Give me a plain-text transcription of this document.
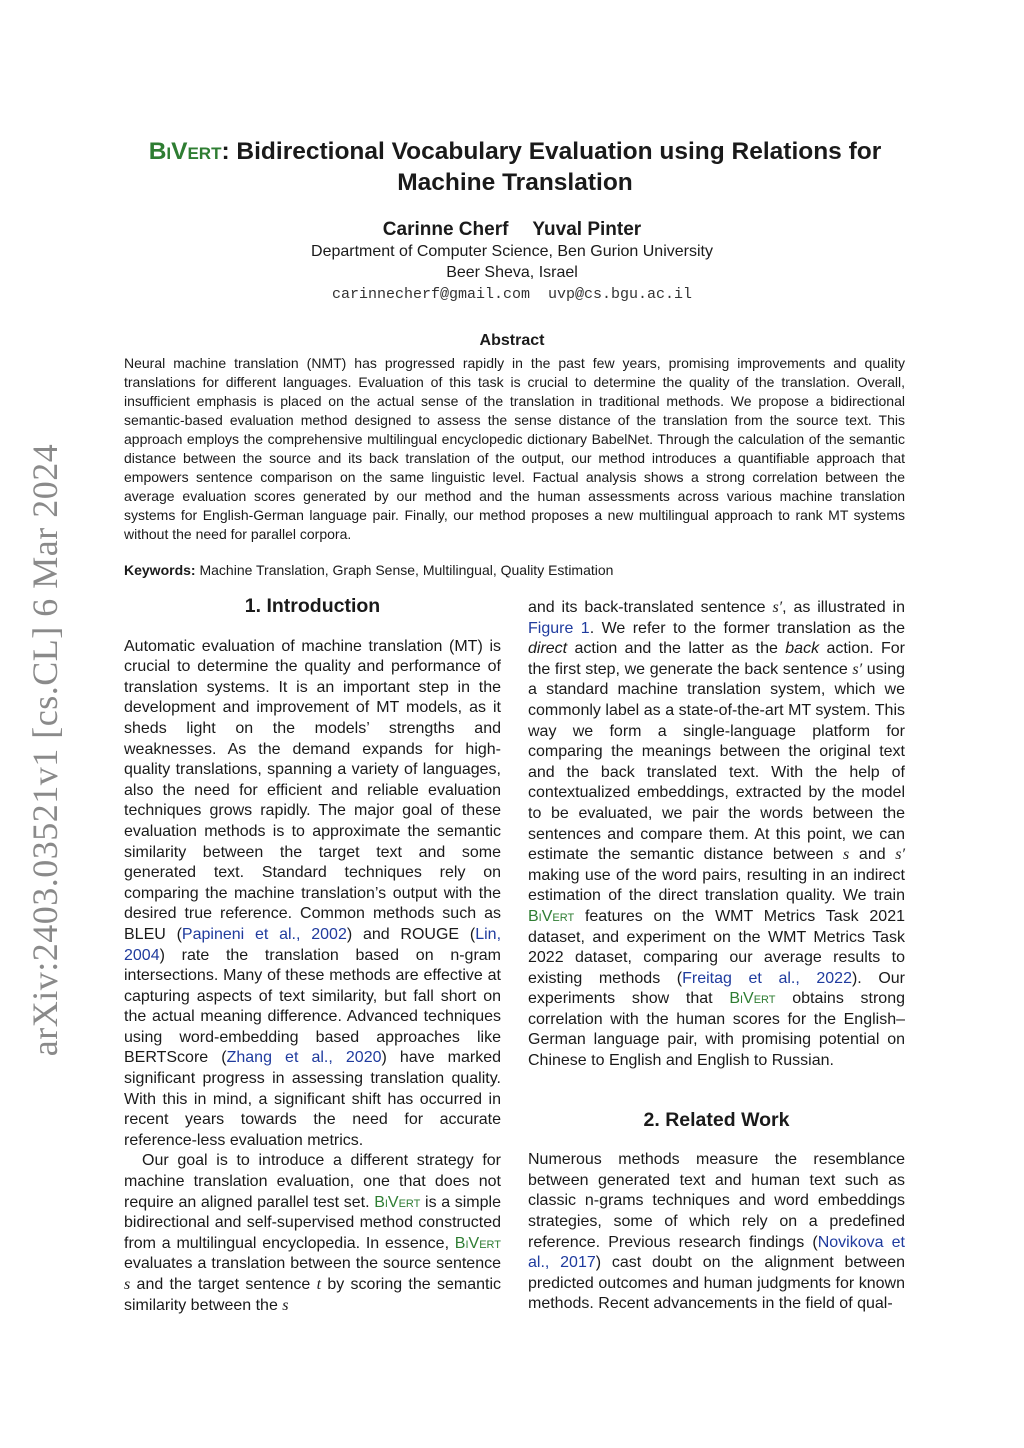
arXiv:2403.03521v1 [cs.CL] 6 Mar 2024
BiVert: Bidirectional Vocabulary Evaluation using Relations for Machine Translation
Carinne Cherf Yuval Pinter
Department of Computer Science, Ben Gurion University
Beer Sheva, Israel
carinnecherf@gmail.com uvp@cs.bgu.ac.il
Abstract

Neural machine translation (NMT) has progressed rapidly in the past few years, promising improvements and quality translations for different languages. Evaluation of this task is crucial to determine the quality of the translation. Overall, insufficient emphasis is placed on the actual sense of the translation in traditional methods. We propose a bidirectional semantic-based evaluation method designed to assess the sense distance of the translation from the source text. This approach employs the comprehensive multilingual encyclopedic dictionary BabelNet. Through the calculation of the semantic distance between the source and its back translation of the output, our method introduces a quantifiable approach that empowers sentence comparison on the same linguistic level. Factual analysis shows a strong correlation between the average evaluation scores generated by our method and the human assessments across various machine translation systems for English-German language pair. Finally, our method proposes a new multilingual approach to rank MT systems without the need for parallel corpora.

Keywords: Machine Translation, Graph Sense, Multilingual, Quality Estimation
1. Introduction

Automatic evaluation of machine translation (MT) is crucial to determine the quality and performance of translation systems. It is an important step in the development and improvement of MT models, as it sheds light on the models’ strengths and weaknesses. As the demand expands for high-quality translations, spanning a variety of languages, also the need for efficient and reliable evaluation techniques grows rapidly. The major goal of these evaluation methods is to approximate the semantic similarity between the target text and some generated text. Standard techniques rely on comparing the machine translation’s output with the desired true reference. Common methods such as BLEU (Papineni et al., 2002) and ROUGE (Lin, 2004) rate the translation based on n-gram intersections. Many of these methods are effective at capturing aspects of text similarity, but fall short on the actual meaning difference. Advanced techniques using word-embedding based approaches like BERTScore (Zhang et al., 2020) have marked significant progress in assessing translation quality. With this in mind, a significant shift has occurred in recent years towards the need for accurate reference-less evaluation metrics.

Our goal is to introduce a different strategy for machine translation evaluation, one that does not require an aligned parallel test set. BiVert is a simple bidirectional and self-supervised method constructed from a multilingual encyclopedia. In essence, BiVert evaluates a translation between the source sentence s and the target sentence t by scoring the semantic similarity between the s

and its back-translated sentence s′, as illustrated in Figure 1. We refer to the former translation as the direct action and the latter as the back action. For the first step, we generate the back sentence s′ using a standard machine translation system, which we commonly label as a state-of-the-art MT system. This way we form a single-language platform for comparing the meanings between the original text and the back translated text. With the help of contextualized embeddings, extracted by the model to be evaluated, we pair the words between the sentences and compare them. At this point, we can estimate the semantic distance between s and s′ making use of the word pairs, resulting in an indirect estimation of the direct translation quality. We train BiVert features on the WMT Metrics Task 2021 dataset, and experiment on the WMT Metrics Task 2022 dataset, comparing our average results to existing methods (Freitag et al., 2022). Our experiments show that BiVert obtains strong correlation with the human scores for the English–German language pair, with promising potential on Chinese to English and English to Russian.

2. Related Work

Numerous methods measure the resemblance between generated text and human text such as classic n-grams techniques and word embeddings strategies, some of which rely on a predefined reference. Previous research findings (Novikova et al., 2017) cast doubt on the alignment between predicted outcomes and human judgments for known methods. Recent advancements in the field of qual-
